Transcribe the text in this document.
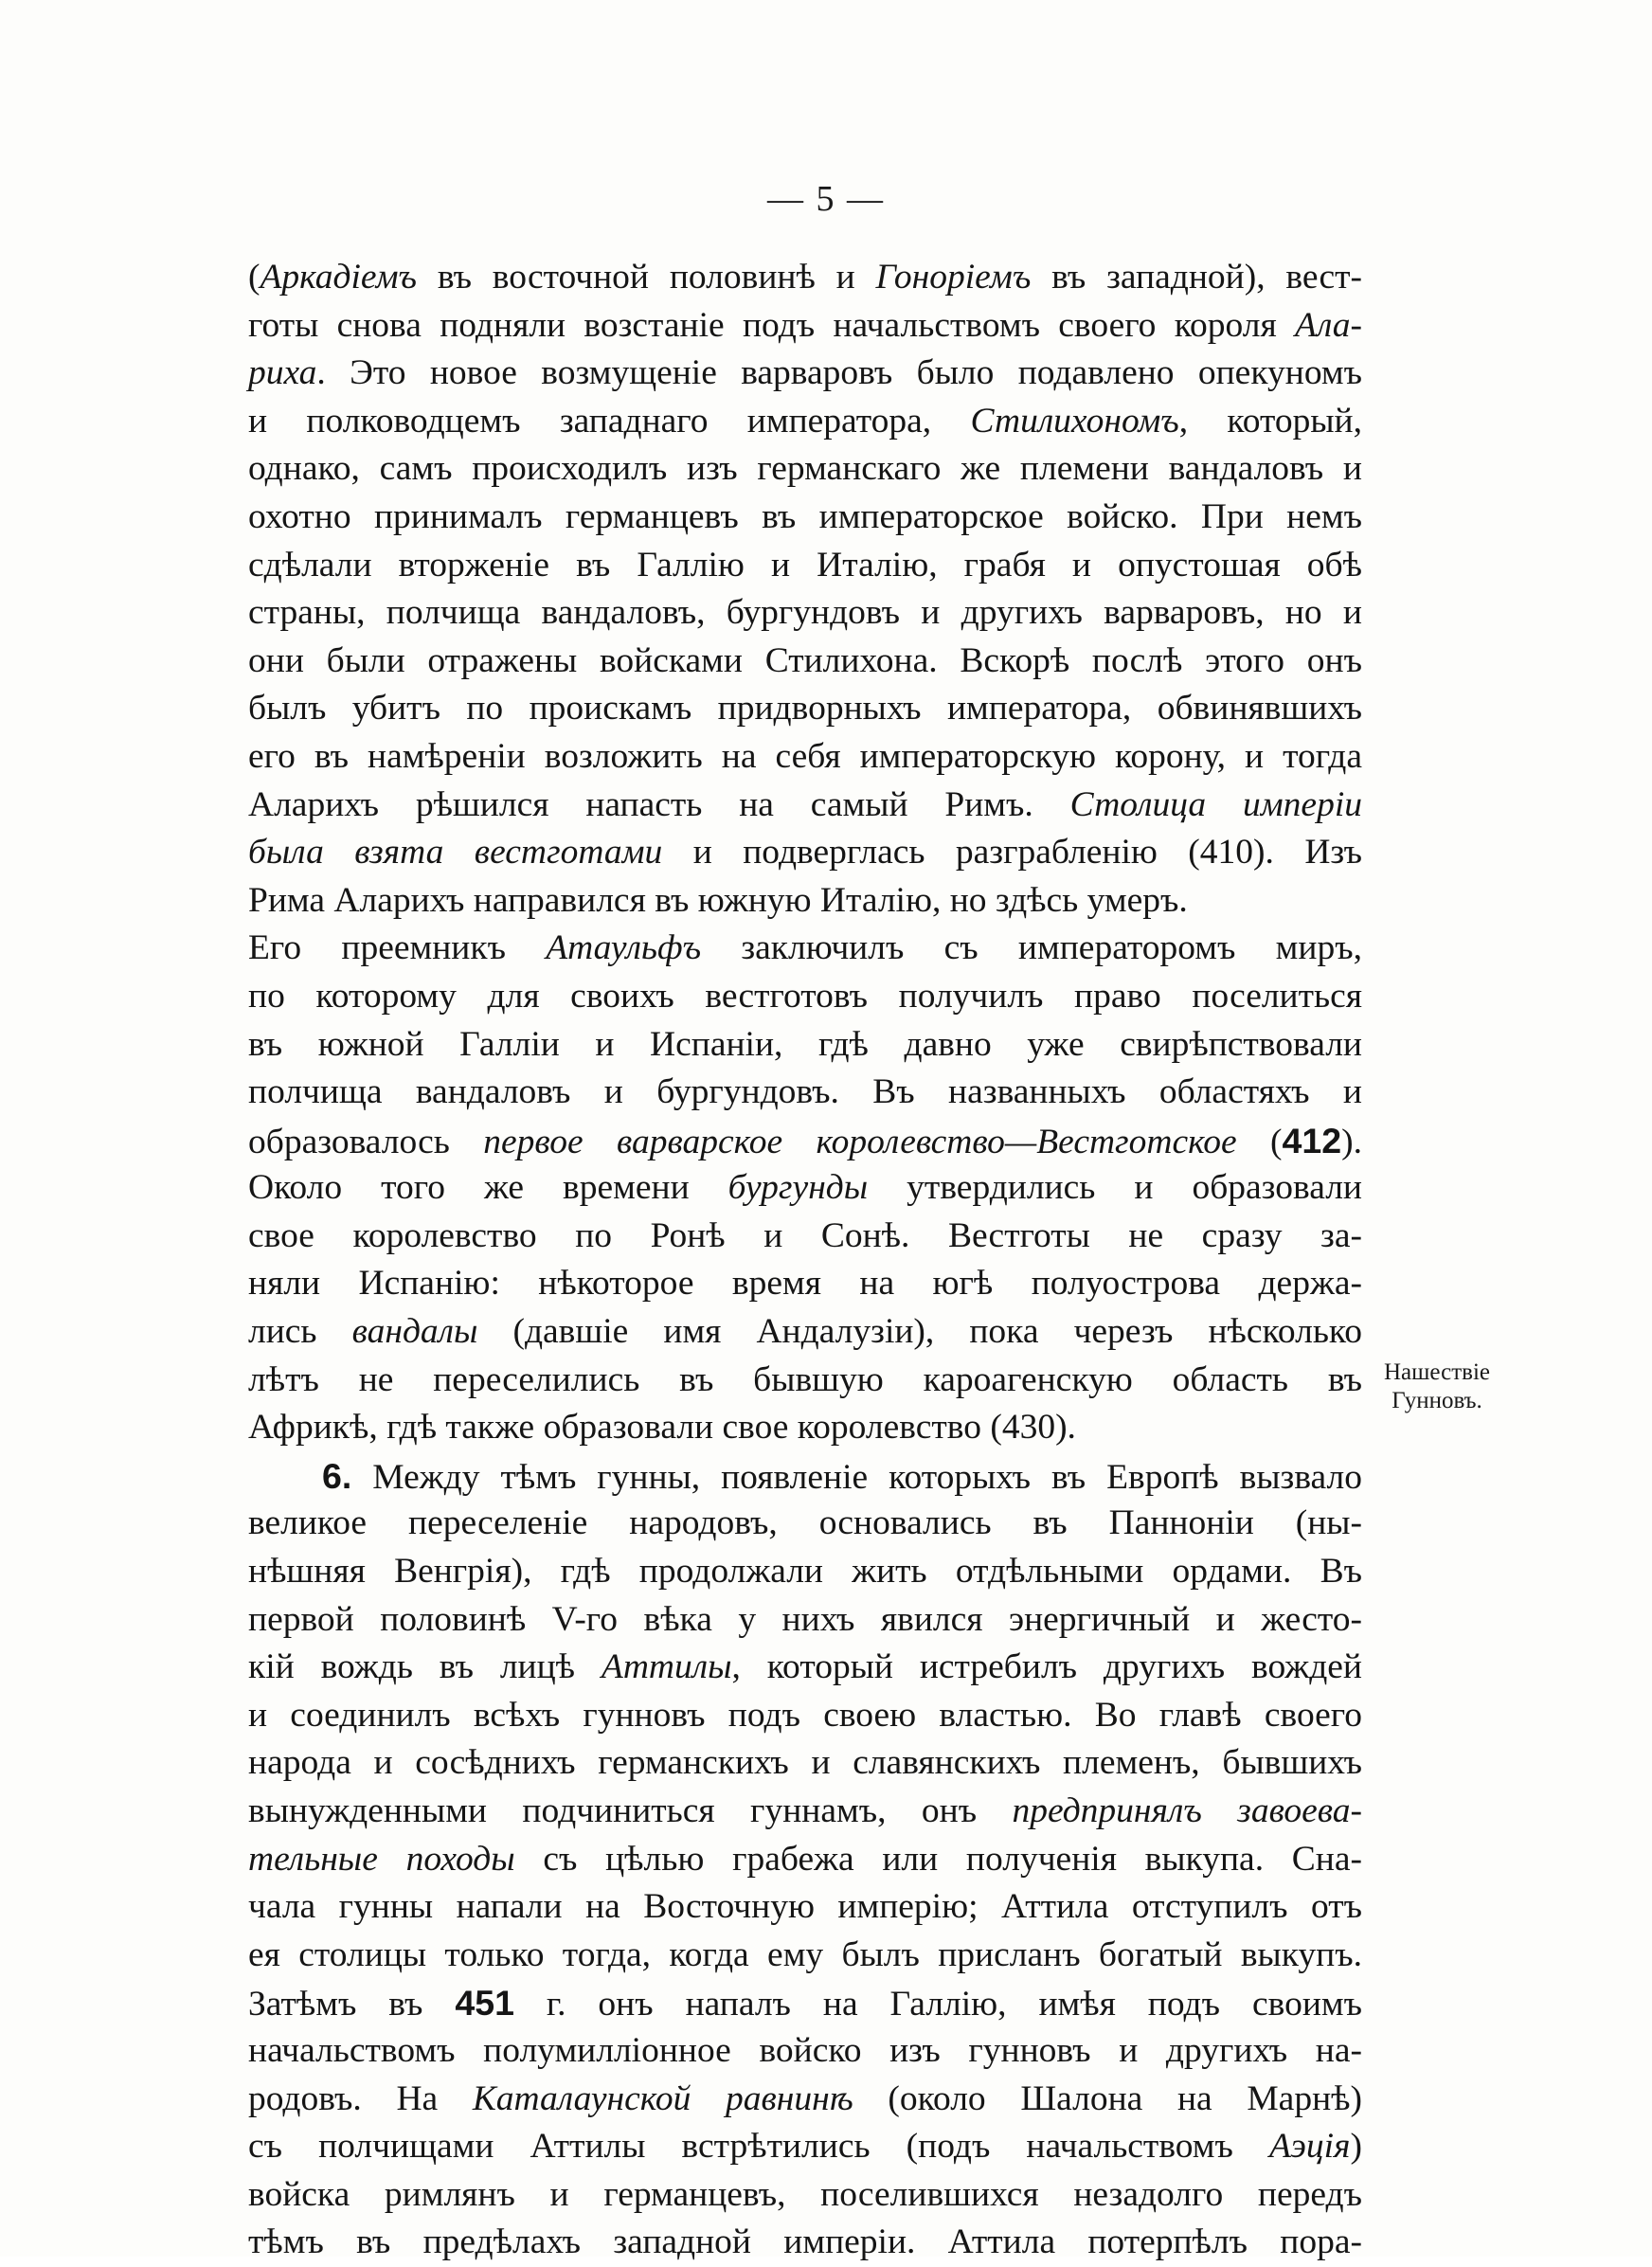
— 5 —
(Аркадіемъ въ восточной половинѣ и Гоноріемъ въ западной), вест-
готы снова подняли возстаніе подъ начальствомъ своего короля Ала-
риха. Это новое возмущеніе варваровъ было подавлено опекуномъ
и полководцемъ западнаго императора, Стилихономъ, который,
однако, самъ происходилъ изъ германскаго же племени вандаловъ и
охотно принималъ германцевъ въ императорское войско. При немъ
сдѣлали вторженіе въ Галлію и Италію, грабя и опустошая обѣ
страны, полчища вандаловъ, бургундовъ и другихъ варваровъ, но и
они были отражены войсками Стилихона. Вскорѣ послѣ этого онъ
былъ убитъ по проискамъ придворныхъ императора, обвинявшихъ
его въ намѣреніи возложить на себя императорскую корону, и тогда
Аларихъ рѣшился напасть на самый Римъ. Столица имперіи
была взята вестготами и подверглась разграбленію (410). Изъ
Рима Аларихъ направился въ южную Италію, но здѣсь умеръ.
Его преемникъ Атаульфъ заключилъ съ императоромъ миръ,
по которому для своихъ вестготовъ получилъ право поселиться
въ южной Галліи и Испаніи, гдѣ давно уже свирѣпствовали
полчища вандаловъ и бургундовъ. Въ названныхъ областяхъ и
образовалось первое варварское королевство—Вестготское (412).
Около того же времени бургунды утвердились и образовали
свое королевство по Ронѣ и Сонѣ. Вестготы не сразу за-
няли Испанію: нѣкоторое время на югѣ полуострова держа-
лись вандалы (давшіе имя Андалузіи), пока черезъ нѣсколько
лѣтъ не переселились въ бывшую кароагенскую область въ
Африкѣ, гдѣ также образовали свое королевство (430).
6. Между тѣмъ гунны, появленіе которыхъ въ Европѣ вызвало
великое переселеніе народовъ, основались въ Панноніи (ны-
нѣшняя Венгрія), гдѣ продолжали жить отдѣльными ордами. Въ
первой половинѣ V-го вѣка у нихъ явился энергичный и жесто-
кій вождь въ лицѣ Аттилы, который истребилъ другихъ вождей
и соединилъ всѣхъ гунновъ подъ своею властью. Во главѣ своего
народа и сосѣднихъ германскихъ и славянскихъ племенъ, бывшихъ
вынужденными подчиниться гуннамъ, онъ предпринялъ завоева-
тельные походы съ цѣлью грабежа или полученія выкупа. Сна-
чала гунны напали на Восточную имперію; Аттила отступилъ отъ
ея столицы только тогда, когда ему былъ присланъ богатый выкупъ.
Затѣмъ въ 451 г. онъ напалъ на Галлію, имѣя подъ своимъ
начальствомъ полумилліонное войско изъ гунновъ и другихъ на-
родовъ. На Каталаунской равнинѣ (около Шалона на Марнѣ)
съ полчищами Аттилы встрѣтились (подъ начальствомъ Аэція)
войска римлянъ и германцевъ, поселившихся незадолго передъ
тѣмъ въ предѣлахъ западной имперіи. Аттила потерпѣлъ пора-
Нашествіе
Гунновъ.
